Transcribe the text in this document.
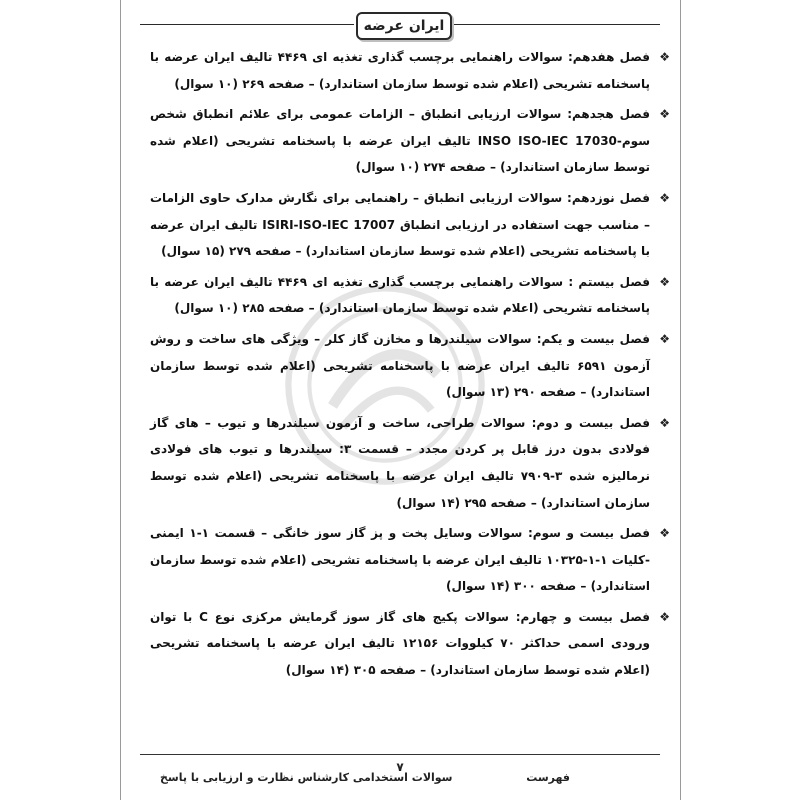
ایران عرضه
❖
فصل هفدهم: سوالات راهنمایی برچسب گذاری تغذیه ای ۴۴۶۹ تالیف ایران عرضه با پاسخنامه تشریحی (اعلام شده توسط سازمان استاندارد) – صفحه ۲۶۹ (۱۰ سوال)
❖
فصل هجدهم: سوالات ارزیابی انطباق – الزامات عمومی برای علائم انطباق شخص سوم-INSO ISO-IEC 17030 تالیف ایران عرضه با پاسخنامه تشریحی (اعلام شده توسط سازمان استاندارد) – صفحه ۲۷۴ (۱۰ سوال)
❖
فصل نوزدهم: سوالات ارزیابی انطباق – راهنمایی برای نگارش مدارک حاوی الزامات – مناسب جهت استفاده در ارزیابی انطباق ISIRI-ISO-IEC 17007 تالیف ایران عرضه با پاسخنامه تشریحی (اعلام شده توسط سازمان استاندارد) – صفحه ۲۷۹ (۱۵ سوال)
❖
فصل بیستم : سوالات راهنمایی برچسب گذاری تغذیه ای ۴۴۶۹ تالیف ایران عرضه با پاسخنامه تشریحی (اعلام شده توسط سازمان استاندارد) – صفحه ۲۸۵ (۱۰ سوال)
❖
فصل بیست و یکم: سوالات سیلندرها و مخازن گاز کلر – ویژگی های ساخت و روش آزمون ۶۵۹۱ تالیف ایران عرضه با پاسخنامه تشریحی (اعلام شده توسط سازمان استاندارد) – صفحه ۲۹۰ (۱۳ سوال)
❖
فصل بیست و دوم: سوالات طراحی، ساخت و آزمون سیلندرها و تیوب – های گاز فولادی بدون درز قابل پر کردن مجدد – قسمت ۳: سیلندرها و تیوب های فولادی نرمالیزه شده ۳-۷۹۰۹ تالیف ایران عرضه با پاسخنامه تشریحی (اعلام شده توسط سازمان استاندارد) – صفحه ۲۹۵ (۱۴ سوال)
❖
فصل بیست و سوم: سوالات وسایل پخت و پز گاز سوز خانگی – قسمت ۱-۱ ایمنی -کلیات ۱-۱-۱۰۳۲۵ تالیف ایران عرضه با پاسخنامه تشریحی (اعلام شده توسط سازمان استاندارد) – صفحه ۳۰۰ (۱۴ سوال)
❖
فصل بیست و چهارم: سوالات پکیج های گاز سوز گرمایش مرکزی نوع C با توان ورودی اسمی حداکثر ۷۰ کیلووات ۱۲۱۵۶ تالیف ایران عرضه با پاسخنامه تشریحی (اعلام شده توسط سازمان استاندارد) – صفحه ۳۰۵ (۱۴ سوال)
۷
فهرست
سوالات استخدامی کارشناس نظارت و ارزیابی با پاسخ
